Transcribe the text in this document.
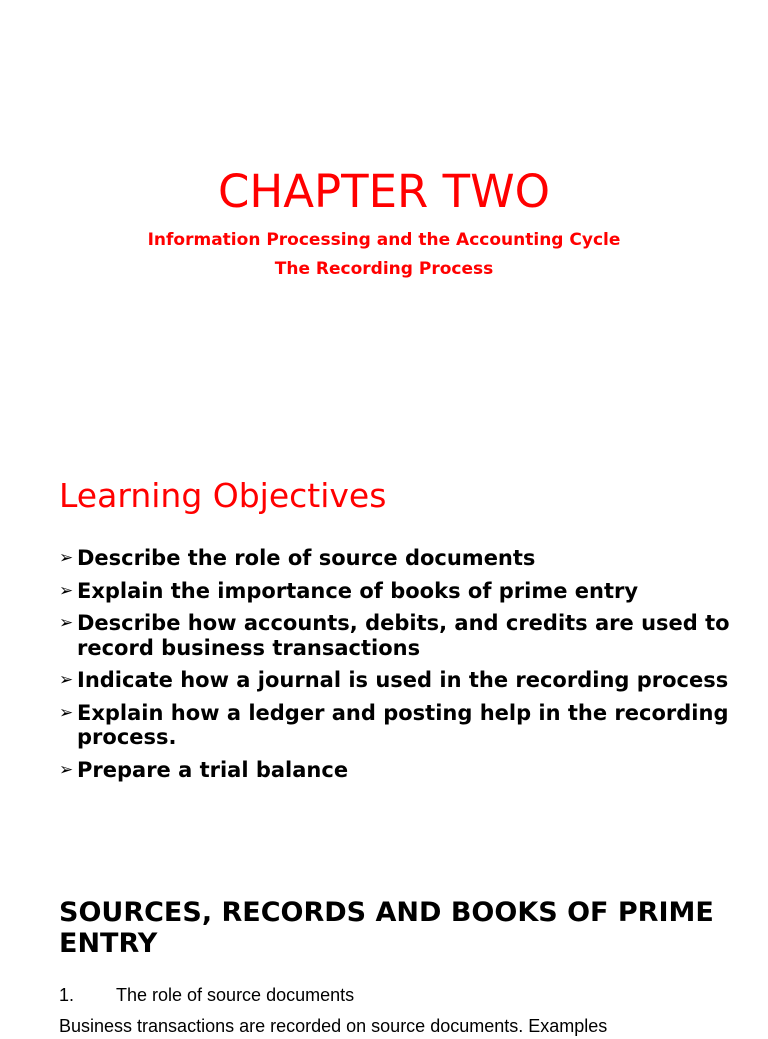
CHAPTER TWO
Information Processing and the Accounting Cycle
The Recording Process
Learning Objectives
➢ Describe the role of source documents
➢ Explain the importance of books of prime entry
➢ Describe how accounts, debits, and credits are used to record business transactions
➢ Indicate how a journal is used in the recording process
➢ Explain how a ledger and posting help in the recording process.
➢ Prepare a trial balance
SOURCES, RECORDS AND BOOKS OF PRIME ENTRY
1. The role of source documents
Business transactions are recorded on source documents. Examples
